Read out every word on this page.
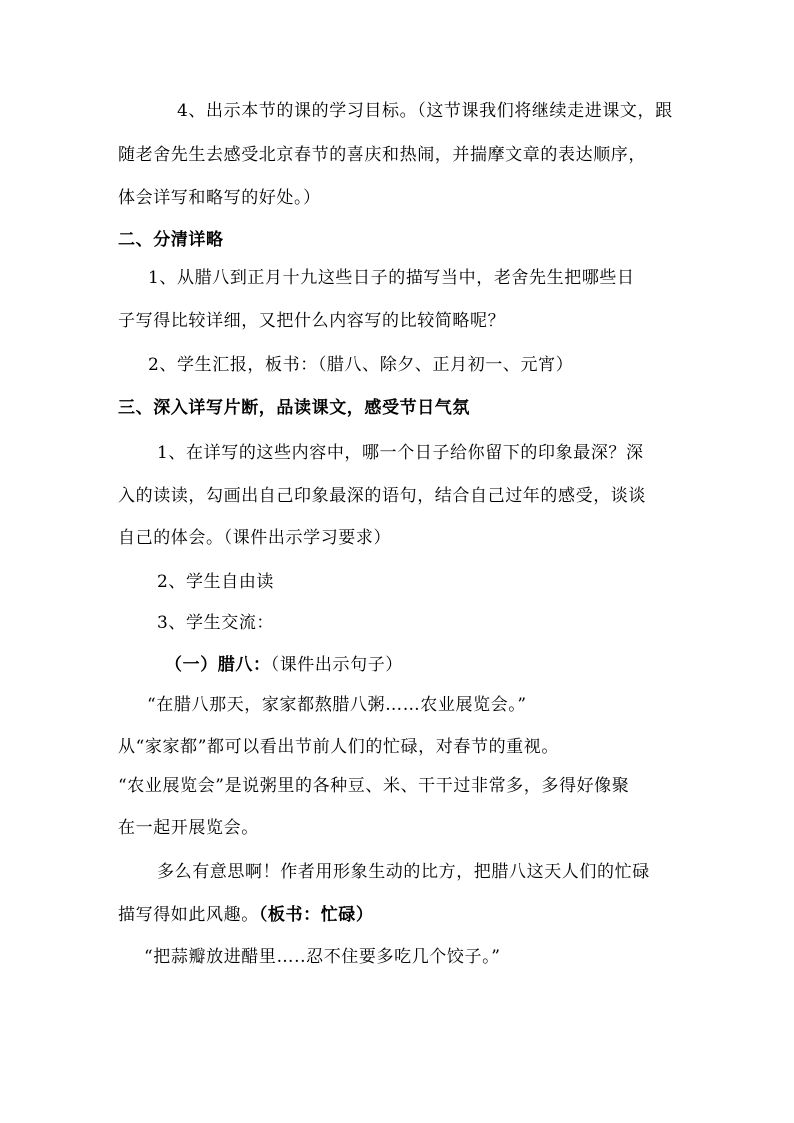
4、出示本节的课的学习目标。（这节课我们将继续走进课文，跟
随老舍先生去感受北京春节的喜庆和热闹，并揣摩文章的表达顺序，
体会详写和略写的好处。）
二、分清详略
1、从腊八到正月十九这些日子的描写当中，老舍先生把哪些日
子写得比较详细，又把什么内容写的比较简略呢？
2、学生汇报，板书：（腊八、除夕、正月初一、元宵）
三、深入详写片断，品读课文，感受节日气氛
1、在详写的这些内容中，哪一个日子给你留下的印象最深？深
入的读读，勾画出自己印象最深的语句，结合自己过年的感受，谈谈
自己的体会。（课件出示学习要求）
2、学生自由读
3、学生交流：
（一）腊八：（课件出示句子）
“在腊八那天，家家都熬腊八粥……农业展览会。”
从“家家都”都可以看出节前人们的忙碌，对春节的重视。
“农业展览会”是说粥里的各种豆、米、干干过非常多，多得好像聚
在一起开展览会。
多么有意思啊！作者用形象生动的比方，把腊八这天人们的忙碌
描写得如此风趣。（板书：忙碌）
“把蒜瓣放进醋里…..忍不住要多吃几个饺子。”
